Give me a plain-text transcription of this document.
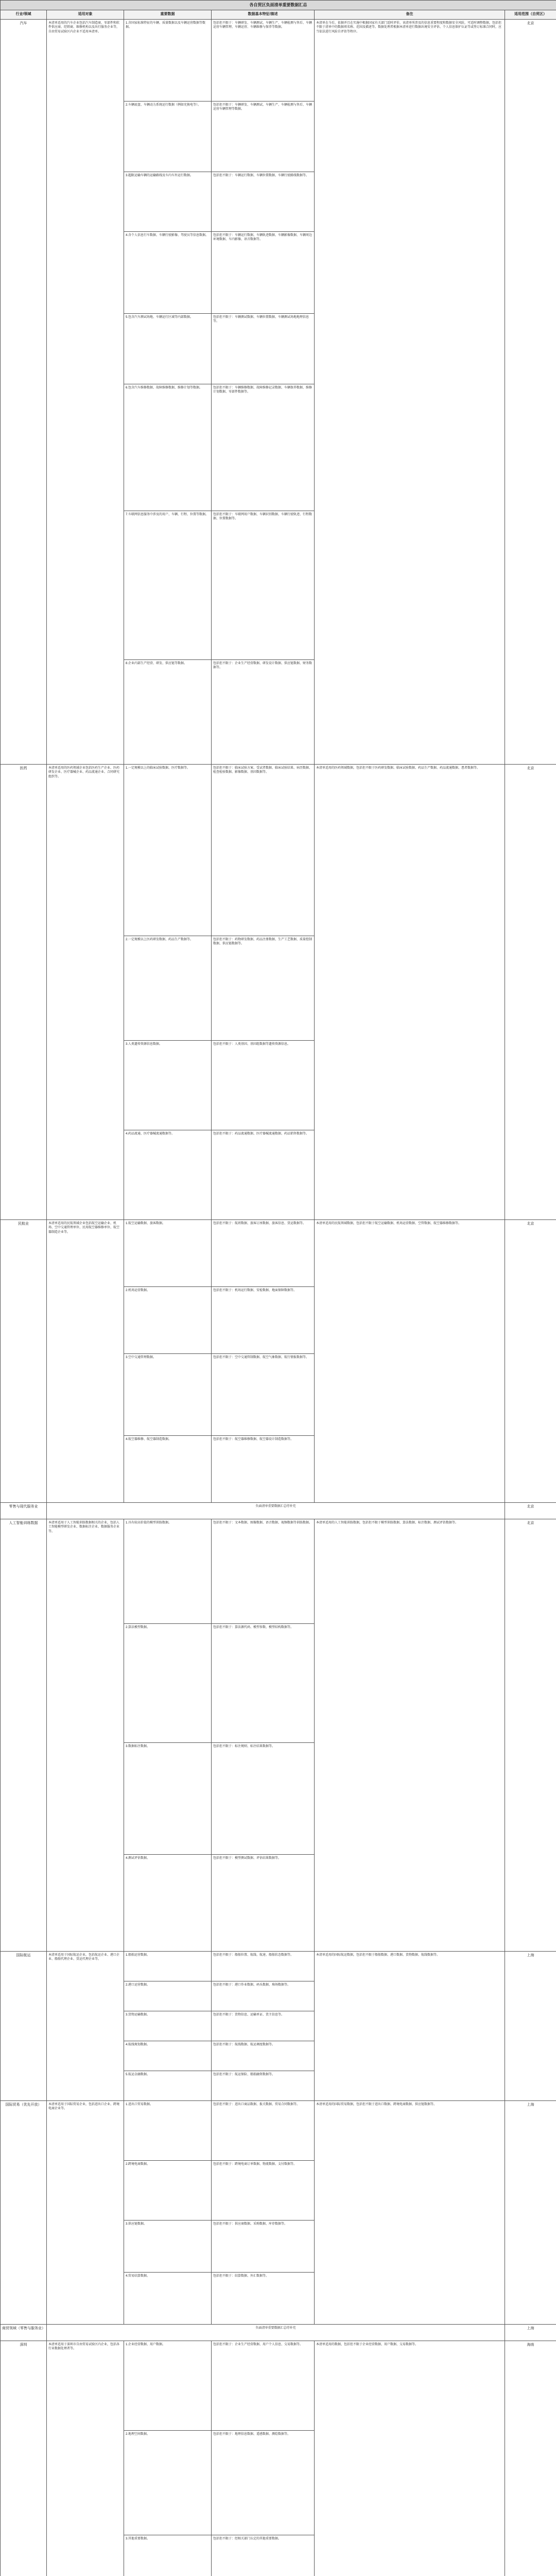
各自贸区负面清单重要数据汇总					
行业/领域	适用对象	重要数据	数据基本特征/描述	备注	适用范围（自贸区）
汽车	本清单适用的汽车企业包括汽车制造商、零部件和软件供应商、经销商、维修机构以及出行服务企业等，自由贸易试验区内企业不适用本清单。	1.含国家标准特征的车辆、质量数据以及车辆运营数据等数据。	包括但不限于：车辆研发、车辆测试、车辆生产、车辆检测与售后、车辆运营车辆管理、车辆运营、车辆维修与保养等数据。	本清单在今后，依据并且在实施中根据国家有关部门适时评价，该清单所涉及的信息重要程度和数据安全风险，可适时调整数据，包括但不限于清单中的数据项名称、范围及描述等。数据处理者根据本清单进行数据出境安全评估、个人信息保护认证等或签订标准合同时，应当依法进行风险自评估等程序。	北京
		2.车辆底盘、车辆动力系统运行数据（例如充换电等）。	包括但不限于：车辆研发、车辆测试、车辆生产、车辆检测与售后、车辆运营车辆管理等数据。		
		3.超限运输车辆的运输路线及车内车外运行数据。	包括但不限于：车辆运行数据、车辆位置数据、车辆行驶路线数据等。		
		4.含个人信息行车数据、车辆行驶影像、驾驶员等信息数据。	包括但不限于：车辆运行数据、车辆轨迹数据、车辆影像数据、车辆周边环境数据、车内影像、语音数据等。		
		5.包含汽车测试场地、车辆运行区域等内部数据。	包括但不限于：车辆测试数据、车辆位置数据、车辆测试场地地理信息等。		
		6.包含汽车维修数据、故障维修数据、维修计划等数据。	包括但不限于：车辆维修数据、故障维修记录数据、车辆保养数据、维修计划数据、零部件数据等。		
		7.车联网信息服务中涉及的用户、车辆、行程、位置等数据。	包括但不限于：车联网用户数据、车辆识别数据、车辆行驶轨迹、行程数据、位置数据等。		
		8.企业内部生产经营、研发、供应链等数据。	包括但不限于：企业生产经营数据、研发设计数据、供应链数据、财务数据等。		
医药	本清单适用的医药领域企业包括医药生产企业、医药研发企业、医疗器械企业、药品流通企业、合同研究组织等。	1.一定规模以上的临床试验数据、医疗数据等。	包括但不限于：临床试验方案、受试者数据、临床试验结果、病历数据、检查检验数据、影像数据、基因数据等。	本清单适用的医药领域数据，包括但不限于医药研发数据、临床试验数据、药品生产数据、药品流通数据、患者数据等。	北京
		2.一定规模以上医药研发数据、药品生产数据等。	包括但不限于：药物研发数据、药品注册数据、生产工艺数据、质量控制数据、供应链数据等。		
		3.人类遗传资源信息数据。	包括但不限于：人类基因、基因组数据等遗传资源信息。		
		4.药品流通、医疗器械流通数据等。	包括但不限于：药品流通数据、医疗器械流通数据、药品销售数据等。		
民航业	本清单适用的民航领域企业包括航空运输企业、机场、空中交通管理单位、民用航空器维修单位、航空器制造企业等。	1.航空运输数据、旅客数据。	包括但不限于：航班数据、旅客订座数据、旅客信息、货运数据等。	本清单适用的民航领域数据，包括但不限于航空运输数据、机场运营数据、空管数据、航空器维修数据等。	北京
		2.机场运营数据。	包括但不限于：机场运行数据、安检数据、地面保障数据等。		
		3.空中交通管理数据。	包括但不限于：空中交通管制数据、航空气象数据、航行情报数据等。		
		4.航空器维修、航空器制造数据。	包括但不限于：航空器维修数据、航空器设计制造数据等。		
零售与现代服务业	负面清单重要数据汇总待补充				北京
人工智能训练数据	本清单适用于人工智能训练数据相关的企业，包括人工智能模型研发企业、数据标注企业、数据服务企业等。	1.具有较高价值的模型训练数据。	包括但不限于：文本数据、图像数据、语音数据、视频数据等训练数据。	本清单适用的人工智能训练数据，包括但不限于模型训练数据、算法数据、标注数据、测试评估数据等。	北京
		2.算法模型数据。	包括但不限于：算法源代码、模型参数、模型结构数据等。		
		3.数据标注数据。	包括但不限于：标注规则、标注结果数据等。		
		4.测试评估数据。	包括但不限于：模型测试数据、评估结果数据等。		
国际航运	本清单适用于国际航运企业，包括航运企业、港口企业、船舶代理企业、货运代理企业等。	1.船舶运营数据。	包括但不限于：船舶位置、航线、航速、船舶状态数据等。	本清单适用的国际航运数据，包括但不限于船舶数据、港口数据、货物数据、航线数据等。	上海
		2.港口运营数据。	包括但不限于：港口作业数据、码头数据、堆场数据等。		
		3.货物运输数据。	包括但不限于：货物信息、运输单证、货主信息等。		
		4.航线规划数据。	包括但不限于：航线数据、航运调度数据等。		
		5.航运金融数据。	包括但不限于：航运保险、船舶融资数据等。		
国际贸易（优先开放）	本清单适用于国际贸易企业，包括进出口企业、跨境电商企业等。	1.进出口贸易数据。	包括但不限于：进出口商品数据、报关数据、贸易合同数据等。	本清单适用的国际贸易数据，包括但不限于进出口数据、跨境电商数据、供应链数据等。	上海
		2.跨境电商数据。	包括但不限于：跨境电商订单数据、物流数据、支付数据等。		
		3.供应链数据。	包括但不限于：供应商数据、采购数据、库存数据等。		
		4.贸易结算数据。	包括但不限于：结算数据、外汇数据等。		
商贸领域（零售与服务业）	负面清单重要数据汇总待补充				上海
深圳	本清单适用于深圳市自由贸易试验区内企业，包括各行业数据处理者等。	1.企业经营数据、用户数据。	包括但不限于：企业生产经营数据、用户个人信息、交易数据等。	本清单适用的数据，包括但不限于企业经营数据、用户数据、交易数据等。	海南
		2.地理空间数据。	包括但不限于：地理信息数据、遥感数据、测绘数据等。		
		3.其他重要数据。	包括但不限于：经相关部门认定的其他重要数据。		
